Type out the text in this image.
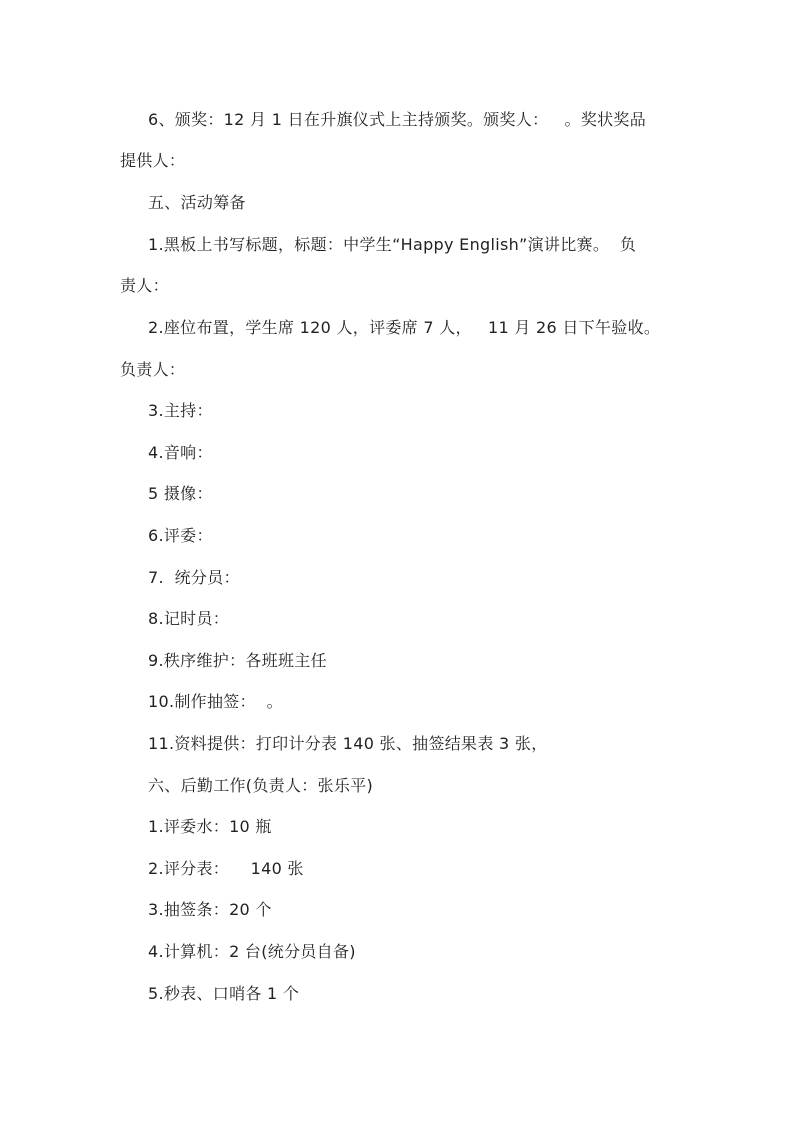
6、颁奖：12 月 1 日在升旗仪式上主持颁奖。颁奖人：   。奖状奖品
提供人：
五、活动筹备
1.黑板上书写标题，标题：中学生“Happy English”演讲比赛。  负
责人：
2.座位布置，学生席 120 人，评委席 7 人，   11 月 26 日下午验收。
负责人：
3.主持：
4.音响：
5 摄像：
6.评委：
7.  统分员：
8.记时员：
9.秩序维护：各班班主任
10.制作抽签：  。
11.资料提供：打印计分表 140 张、抽签结果表 3 张，
六、后勤工作(负责人：张乐平)
1.评委水：10 瓶
2.评分表：    140 张
3.抽签条：20 个
4.计算机：2 台(统分员自备)
5.秒表、口哨各 1 个
